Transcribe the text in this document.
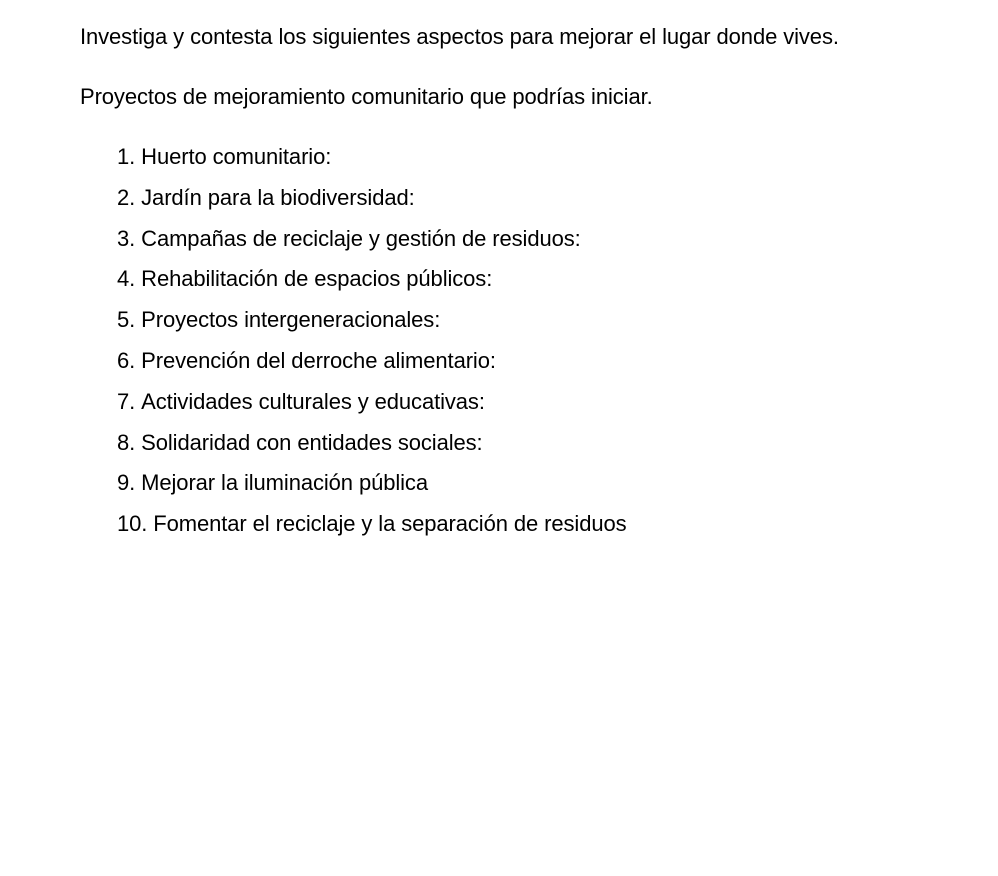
Investiga y contesta los siguientes aspectos para mejorar el lugar donde vives.

Proyectos de mejoramiento comunitario que podrías iniciar.

1. Huerto comunitario:
2. Jardín para la biodiversidad:
3. Campañas de reciclaje y gestión de residuos:
4. Rehabilitación de espacios públicos:
5. Proyectos intergeneracionales:
6. Prevención del derroche alimentario:
7. Actividades culturales y educativas:
8. Solidaridad con entidades sociales:
9. Mejorar la iluminación pública
10. Fomentar el reciclaje y la separación de residuos
